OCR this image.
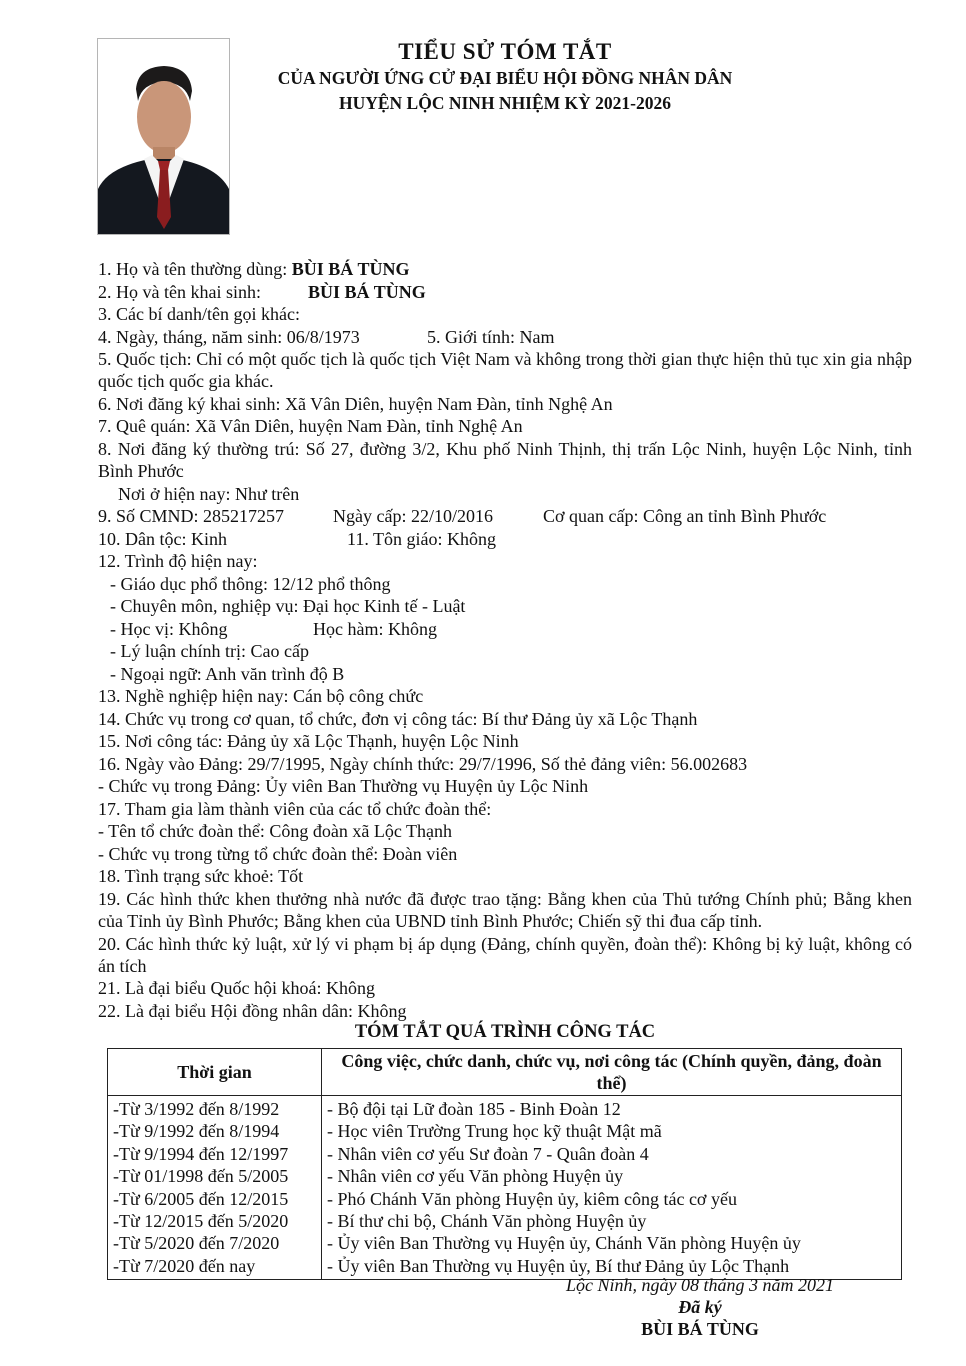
TIỂU SỬ TÓM TẮT
CỦA NGƯỜI ỨNG CỬ ĐẠI BIỂU HỘI ĐỒNG NHÂN DÂN
HUYỆN LỘC NINH NHIỆM KỲ 2021-2026
1. Họ và tên thường dùng: BÙI BÁ TÙNG
2. Họ và tên khai sinh:	BÙI BÁ TÙNG
3. Các bí danh/tên gọi khác:
4. Ngày, tháng, năm sinh: 06/8/1973	5. Giới tính: Nam
5. Quốc tịch: Chỉ có một quốc tịch là quốc tịch Việt Nam và không trong thời gian thực hiện thủ tục xin gia nhập quốc tịch quốc gia khác.
6. Nơi đăng ký khai sinh: Xã Vân Diên, huyện Nam Đàn, tỉnh Nghệ An
7. Quê quán: Xã Vân Diên, huyện Nam Đàn, tỉnh Nghệ An
8. Nơi đăng ký thường trú: Số 27, đường 3/2, Khu phố Ninh Thịnh, thị trấn Lộc Ninh, huyện Lộc Ninh, tỉnh Bình Phước
Nơi ở hiện nay: Như trên
9. Số CMND: 285217257	Ngày cấp: 22/10/2016	Cơ quan cấp: Công an tỉnh Bình Phước
10. Dân tộc: Kinh	11. Tôn giáo: Không
12. Trình độ hiện nay:
- Giáo dục phổ thông: 12/12 phổ thông
- Chuyên môn, nghiệp vụ: Đại học Kinh tế - Luật
- Học vị: Không	Học hàm: Không
- Lý luận chính trị: Cao cấp
- Ngoại ngữ: Anh văn trình độ B
13. Nghề nghiệp hiện nay: Cán bộ công chức
14. Chức vụ trong cơ quan, tổ chức, đơn vị công tác: Bí thư Đảng ủy xã Lộc Thạnh
15. Nơi công tác: Đảng ủy xã Lộc Thạnh, huyện Lộc Ninh
16. Ngày vào Đảng: 29/7/1995, Ngày chính thức: 29/7/1996, Số thẻ đảng viên: 56.002683
- Chức vụ trong Đảng: Ủy viên Ban Thường vụ Huyện ủy Lộc Ninh
17. Tham gia làm thành viên của các tổ chức đoàn thể:
- Tên tổ chức đoàn thể: Công đoàn xã Lộc Thạnh
- Chức vụ trong từng tổ chức đoàn thể: Đoàn viên
18. Tình trạng sức khoẻ: Tốt
19. Các hình thức khen thưởng nhà nước đã được trao tặng: Bằng khen của Thủ tướng Chính phủ; Bằng khen của Tỉnh ủy Bình Phước; Bằng khen của UBND tỉnh Bình Phước; Chiến sỹ thi đua cấp tỉnh.
20. Các hình thức kỷ luật, xử lý vi phạm bị áp dụng (Đảng, chính quyền, đoàn thể): Không bị kỷ luật, không có án tích
21. Là đại biểu Quốc hội khoá: Không
22. Là đại biểu Hội đồng nhân dân: Không
TÓM TẮT QUÁ TRÌNH CÔNG TÁC
Thời gian	Công việc, chức danh, chức vụ, nơi công tác (Chính quyền, đảng, đoàn thể)
-Từ 3/1992 đến 8/1992	- Bộ đội tại Lữ đoàn 185 - Binh Đoàn 12
-Từ 9/1992 đến 8/1994	- Học viên Trường Trung học kỹ thuật Mật mã
-Từ 9/1994 đến 12/1997	- Nhân viên cơ yếu Sư đoàn 7 - Quân đoàn 4
-Từ 01/1998 đến 5/2005	- Nhân viên cơ yếu Văn phòng Huyện ủy
-Từ 6/2005 đến 12/2015	- Phó Chánh Văn phòng Huyện ủy, kiêm công tác cơ yếu
-Từ 12/2015 đến 5/2020	- Bí thư chi bộ, Chánh Văn phòng Huyện ủy
-Từ 5/2020 đến 7/2020	- Ủy viên Ban Thường vụ Huyện ủy, Chánh Văn phòng Huyện ủy
-Từ 7/2020 đến nay	- Ủy viên Ban Thường vụ Huyện ủy, Bí thư Đảng ủy Lộc Thạnh
Lộc Ninh, ngày 08 tháng 3 năm 2021
Đã ký
BÙI BÁ TÙNG
